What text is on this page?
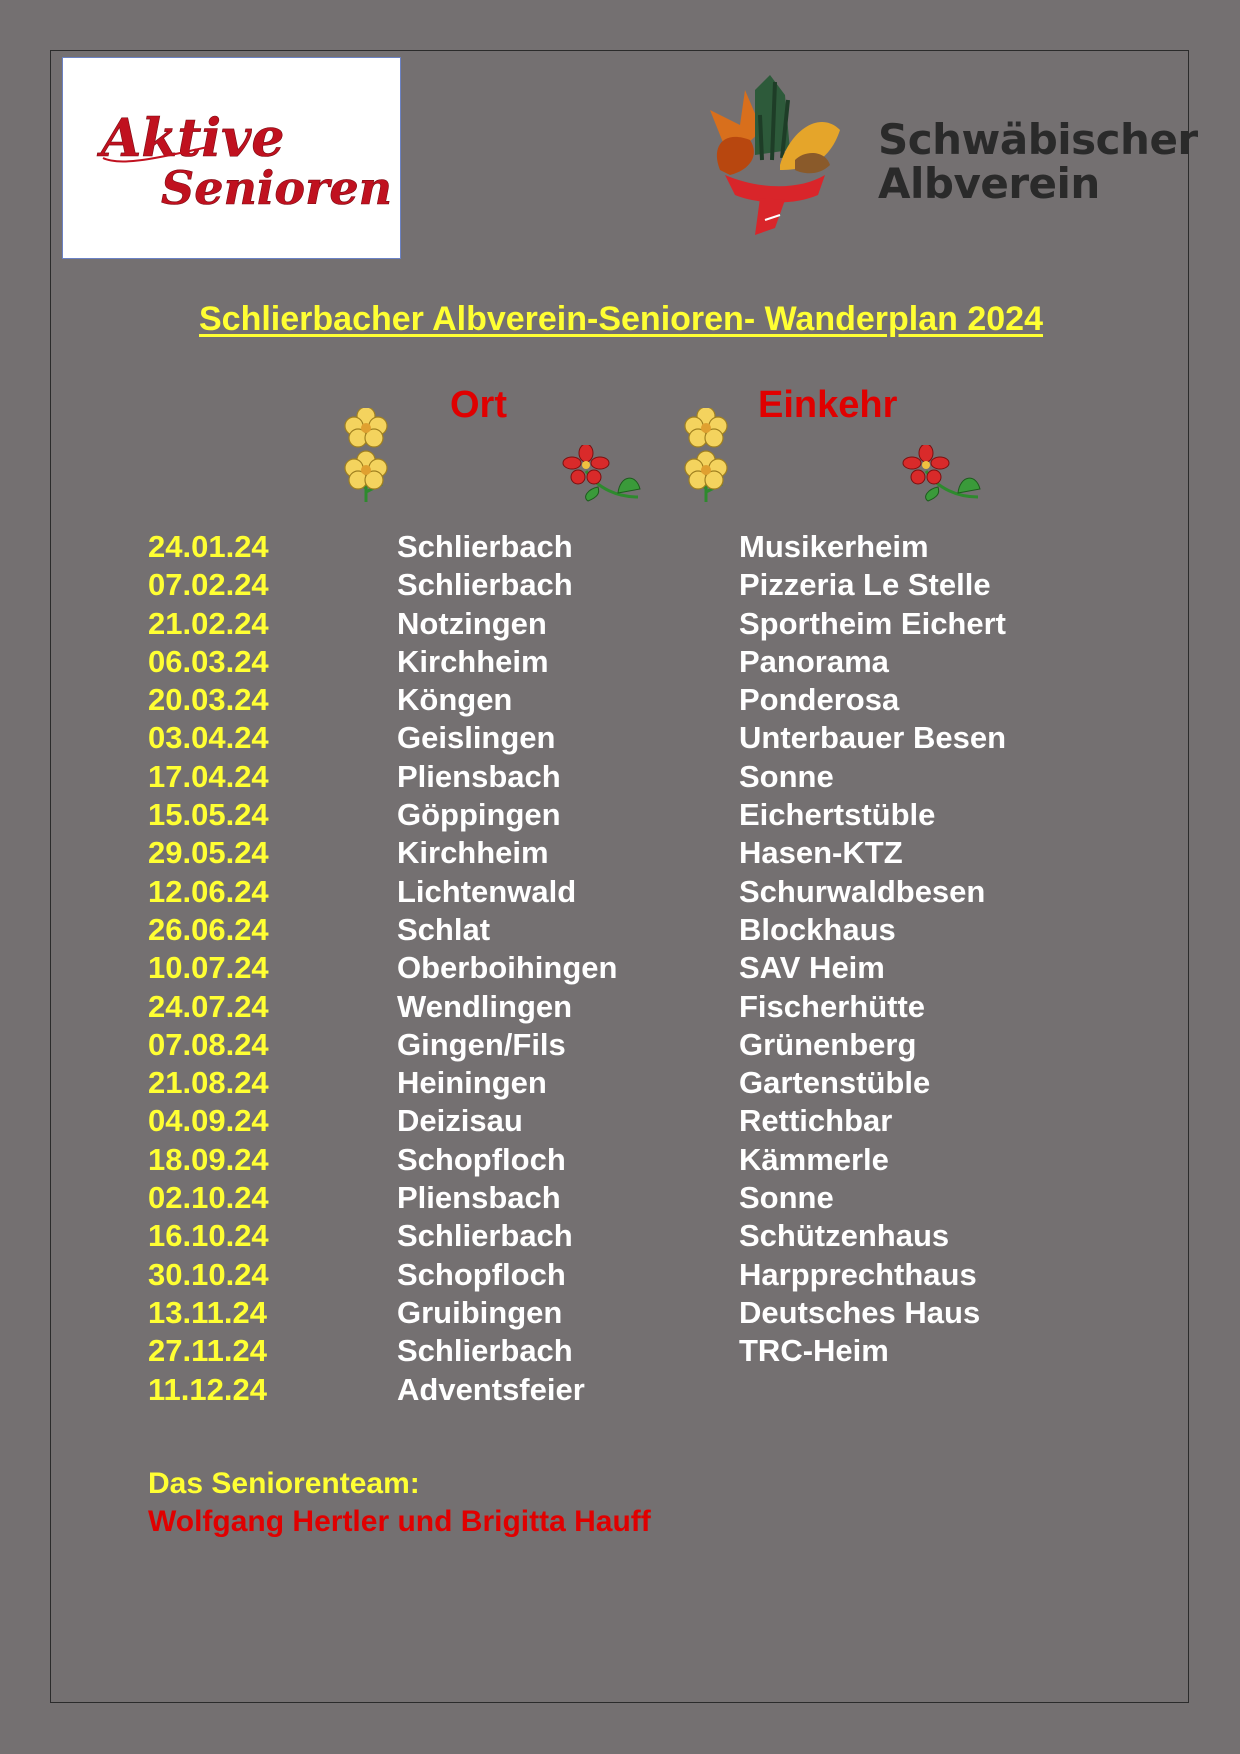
Aktive
Senioren
Schwäbischer
Albverein
Schlierbacher Albverein-Senioren- Wanderplan 2024
Ort	Einkehr
24.01.24	Schlierbach	Musikerheim
07.02.24	Schlierbach	Pizzeria Le Stelle
21.02.24	Notzingen	Sportheim Eichert
06.03.24	Kirchheim	Panorama
20.03.24	Köngen	Ponderosa
03.04.24	Geislingen	Unterbauer Besen
17.04.24	Pliensbach	Sonne
15.05.24	Göppingen	Eichertstüble
29.05.24	Kirchheim	Hasen-KTZ
12.06.24	Lichtenwald	Schurwaldbesen
26.06.24	Schlat	Blockhaus
10.07.24	Oberboihingen	SAV Heim
24.07.24	Wendlingen	Fischerhütte
07.08.24	Gingen/Fils	Grünenberg
21.08.24	Heiningen	Gartenstüble
04.09.24	Deizisau	Rettichbar
18.09.24	Schopfloch	Kämmerle
02.10.24	Pliensbach	Sonne
16.10.24	Schlierbach	Schützenhaus
30.10.24	Schopfloch	Harpprechthaus
13.11.24	Gruibingen	Deutsches Haus
27.11.24	Schlierbach	TRC-Heim
11.12.24	Adventsfeier
Das Seniorenteam:
Wolfgang Hertler und Brigitta Hauff
